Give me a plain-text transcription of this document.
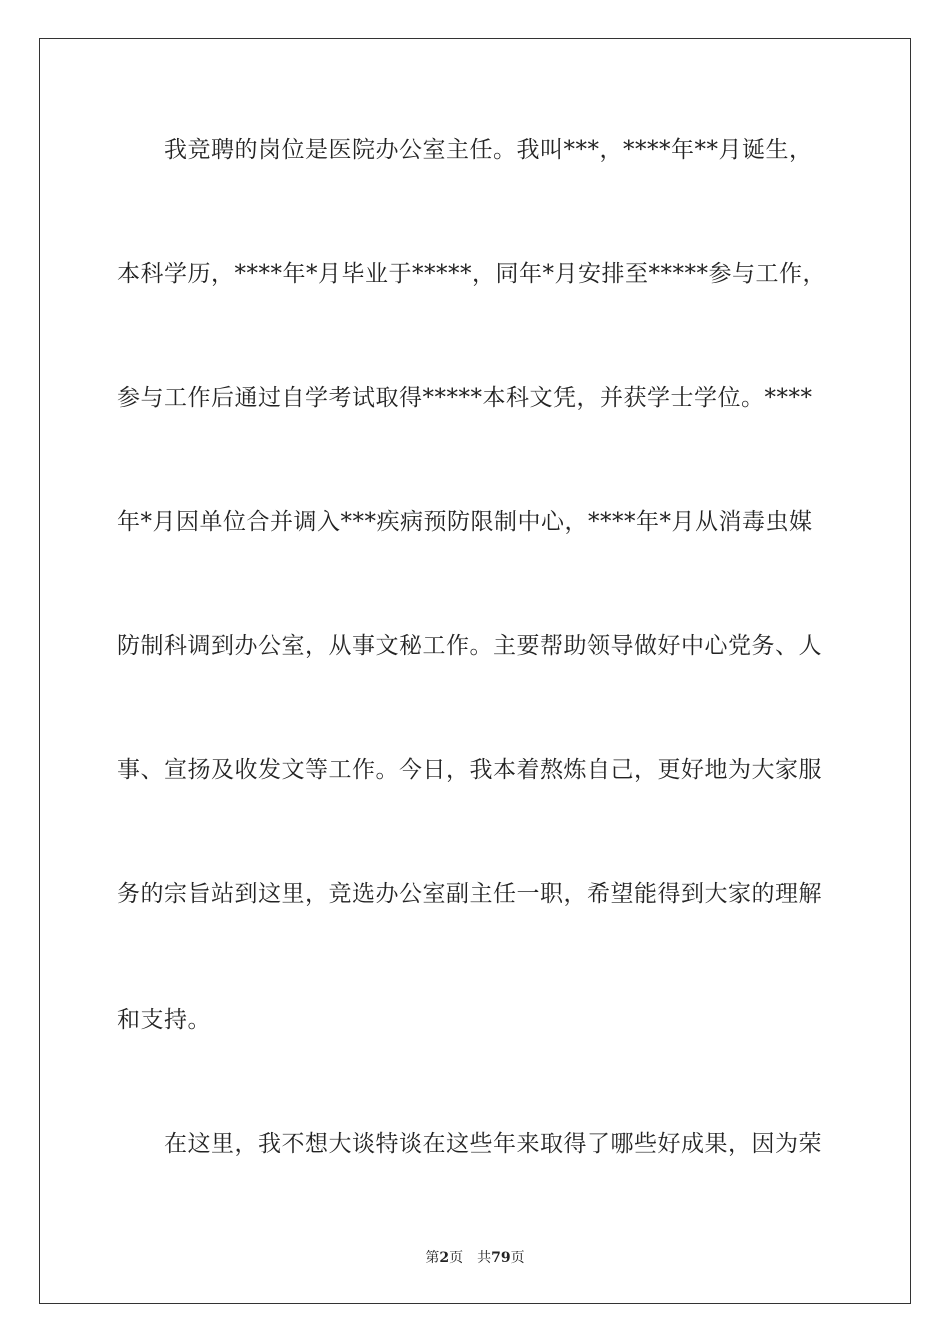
我竞聘的岗位是医院办公室主任。我叫***，****年**月诞生，
本科学历，****年*月毕业于*****，同年*月安排至*****参与工作，
参与工作后通过自学考试取得*****本科文凭，并获学士学位。****
年*月因单位合并调入***疾病预防限制中心，****年*月从消毒虫媒
防制科调到办公室，从事文秘工作。主要帮助领导做好中心党务、人
事、宣扬及收发文等工作。今日，我本着熬炼自己，更好地为大家服
务的宗旨站到这里，竞选办公室副主任一职，希望能得到大家的理解
和支持。
在这里，我不想大谈特谈在这些年来取得了哪些好成果，因为荣
第2页 共79页
